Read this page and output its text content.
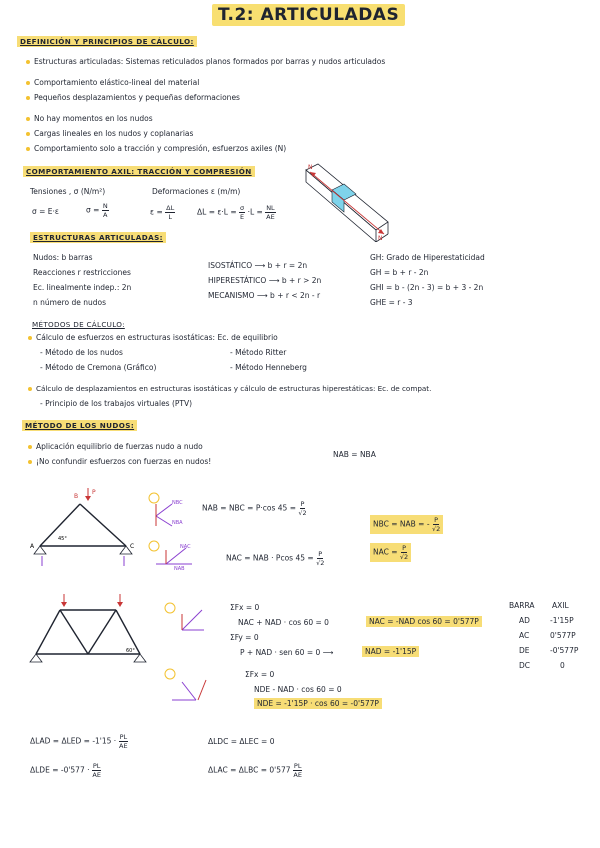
T.2: ARTICULADAS
DEFINICIÓN Y PRINCIPIOS DE CÁLCULO:
Estructuras articuladas: Sistemas reticulados planos formados por barras y nudos articulados
Comportamiento elástico-lineal del material
Pequeños desplazamientos y pequeñas deformaciones
No hay momentos en los nudos
Cargas lineales en los nudos y coplanarias
Comportamiento solo a tracción y compresión, esfuerzos axiles (N)
COMPORTAMIENTO AXIL: TRACCIÓN Y COMPRESIÓN
Tensiones , σ (N/m²)	Deformaciones ε (m/m)
σ = E·ε	$\sigma = \frac{N}{A}$	$\varepsilon = \frac{\Delta L}{L}$	$\Delta L = \varepsilon\cdot L = \frac{\sigma}{E} \cdot L = \frac{NL}{AE}$
N
N
ESTRUCTURAS ARTICULADAS:
Nudos: b barras
Reacciones r restricciones
Ec. linealmente indep.: 2n
n número de nudos
ISOSTÁTICO ⟶ b + r = 2n
HIPERESTÁTICO ⟶ b + r > 2n
MECANISMO ⟶ b + r < 2n - r
GH: Grado de Hiperestaticidad
GH = b + r - 2n
GHI = b - (2n - 3) = b + 3 - 2n
GHE = r - 3
MÉTODOS DE CÁLCULO:
Cálculo de esfuerzos en estructuras isostáticas: Ec. de equilibrio
- Método de los nudos	- Método Ritter
- Método de Cremona (Gráfico)	- Método Henneberg
Cálculo de desplazamientos en estructuras isostáticas y cálculo de estructuras hiperestáticas: Ec. de compat.
- Principio de los trabajos virtuales (PTV)
MÉTODO DE LOS NUDOS:
Aplicación equilibrio de fuerzas nudo a nudo
¡No confundir esfuerzos con fuerzas en nudos!
NAB = NBA
B
P
A	C
45°
NBC
NBA
NAC
NAB
NAB = NBC = P·cos $45 = \frac{P}{√2}$
NBC = NAB = - $\frac{P}{√2}$
NAC = NAB · Pcos $45 = \frac{P}{√2}$	NAC = $\frac{P}{√2}$
60°
ΣFx = 0
NAC + NAD · cos 60 = 0	NAC = -NAD cos 60 = 0'577P
ΣFy = 0
P + NAD · sen 60 = 0 ⟶	NAD = -1'15P
ΣFx = 0
NDE - NAD · cos 60 = 0
NDE = -1'15P · cos 60 = -0'577P
BARRA AXIL
AD	-1'15P
AC	0'577P
DE	-0'577P
DC	0
$\Delta LAD = \Delta LED = -1'15 \cdot \frac{PL}{AE}$	ΔLDC = ΔLEC = 0
$\Delta LDE = -0'577 \cdot \frac{PL}{AE}$	$\Delta LAC = \Delta LBC = 0'577 \frac{PL}{AE}$
